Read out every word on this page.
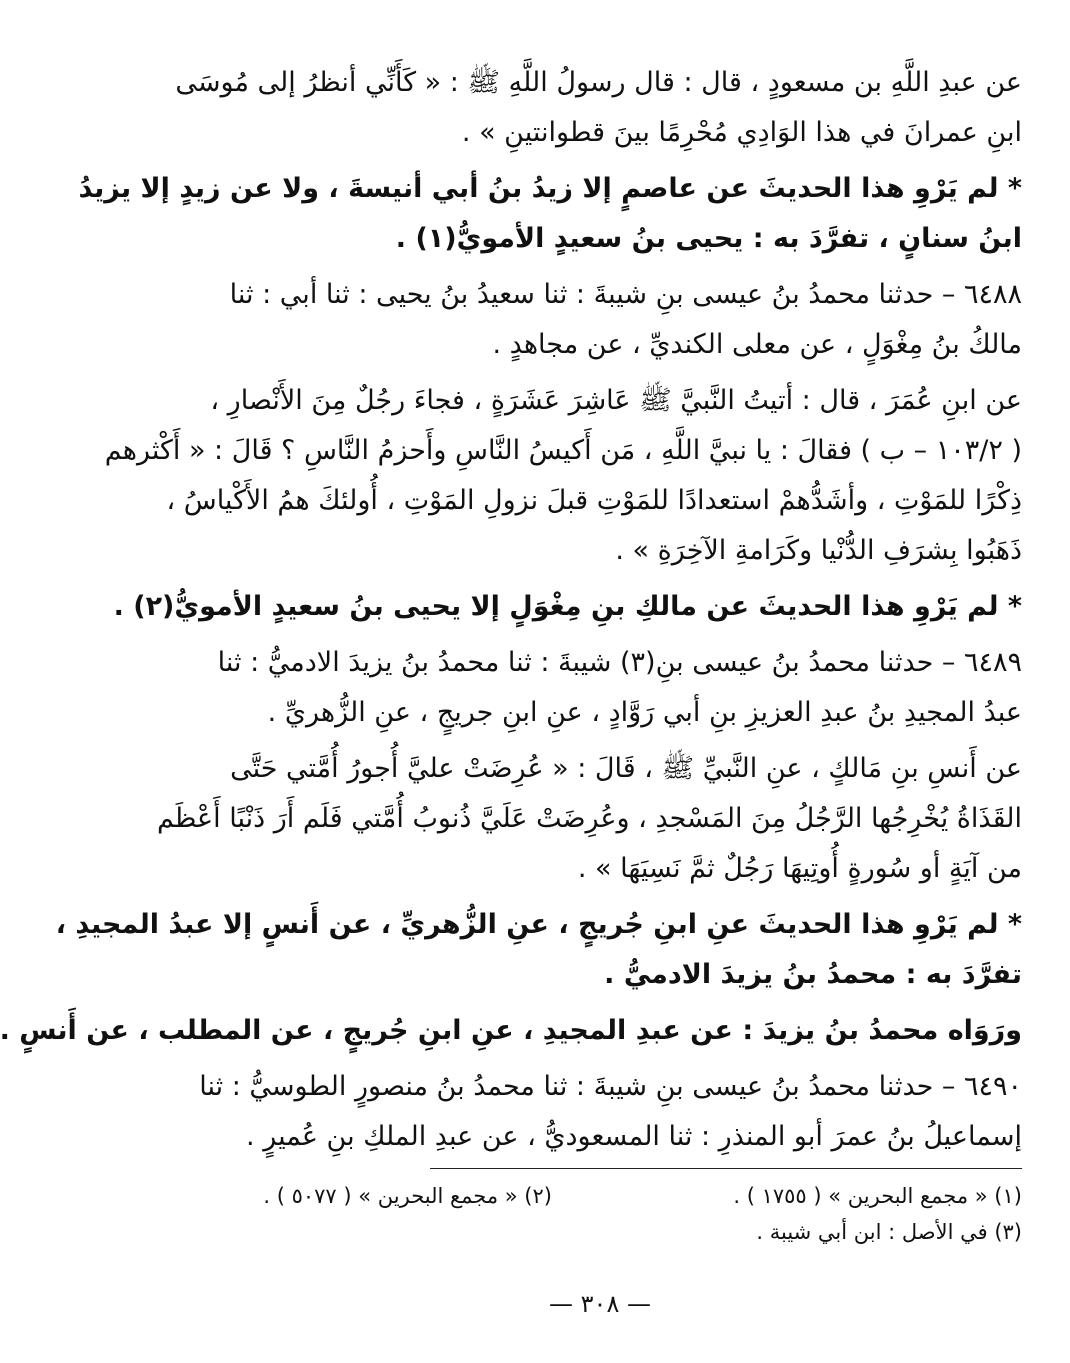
عن عبدِ اللَّهِ بن مسعودٍ ، قال : قال رسولُ اللَّهِ ﷺ : « كَأَنِّي أنظرُ إلى مُوسَى
ابنِ عمرانَ في هذا الوَادِي مُحْرِمًا بينَ قطوانتينِ » .

* لم يَرْوِ هذا الحديثَ عن عاصمٍ إلا زيدُ بنُ أبي أنيسةَ ، ولا عن زيدٍ إلا يزيدُ
ابنُ سنانٍ ، تفرَّدَ به : يحيى بنُ سعيدٍ الأمويُّ(١) .

٦٤٨٨ – حدثنا محمدُ بنُ عيسى بنِ شيبةَ : ثنا سعيدُ بنُ يحيى : ثنا أبي : ثنا
مالكُ بنُ مِغْوَلٍ ، عن معلى الكنديِّ ، عن مجاهدٍ .

عن ابنِ عُمَرَ ، قال : أتيتُ النَّبيَّ ﷺ عَاشِرَ عَشَرَةٍ ، فجاءَ رجُلٌ مِنَ الأَنْصارِ ،
( ١٠٣/٢ – ب ) فقالَ : يا نبيَّ اللَّهِ ، مَن أَكيسُ النَّاسِ وأَحزمُ النَّاسِ ؟ قَالَ : « أَكْثرهم
ذِكْرًا للمَوْتِ ، وأشَدُّهمْ استعدادًا للمَوْتِ قبلَ نزولِ المَوْتِ ، أُولئكَ همُ الأَكْياسُ ،
ذَهَبُوا بِشرَفِ الدُّنْيا وكَرَامةِ الآخِرَةِ » .

* لم يَرْوِ هذا الحديثَ عن مالكِ بنِ مِغْوَلٍ إلا يحيى بنُ سعيدٍ الأمويُّ(٢) .

٦٤٨٩ – حدثنا محمدُ بنُ عيسى بنِ(٣) شيبةَ : ثنا محمدُ بنُ يزيدَ الادميُّ : ثنا
عبدُ المجيدِ بنُ عبدِ العزيزِ بنِ أبي رَوَّادٍ ، عنِ ابنِ جريجٍ ، عنِ الزُّهريِّ .

عن أَنسِ بنِ مَالكٍ ، عنِ النَّبيِّ ﷺ ، قَالَ : « عُرِضَتْ عليَّ أُجورُ أُمَّتي حَتَّى
القَذَاةُ يُخْرِجُها الرَّجُلُ مِنَ المَسْجدِ ، وعُرِضَتْ عَلَيَّ ذُنوبُ أُمَّتي فَلَم أَرَ ذَنْبًا أَعْظَم
من آيَةٍ أو سُورةٍ أُوتِيهَا رَجُلٌ ثمَّ نَسِيَهَا » .

* لم يَرْوِ هذا الحديثَ عنِ ابنِ جُريجٍ ، عنِ الزُّهريِّ ، عن أَنسٍ إلا عبدُ المجيدِ ،
تفرَّدَ به : محمدُ بنُ يزيدَ الادميُّ .

ورَوَاه محمدُ بنُ يزيدَ : عن عبدِ المجيدِ ، عنِ ابنِ جُريجٍ ، عن المطلب ، عن أَنسٍ .

٦٤٩٠ – حدثنا محمدُ بنُ عيسى بنِ شيبةَ : ثنا محمدُ بنُ منصورٍ الطوسيُّ : ثنا
إسماعيلُ بنُ عمرَ أبو المنذرِ : ثنا المسعوديُّ ، عن عبدِ الملكِ بنِ عُميرٍ .

(١) « مجمع البحرين » ( ١٧٥٥ ) .
(٢) « مجمع البحرين » ( ٥٠٧٧ ) .
(٣) في الأصل : ابن أبي شيبة .
— ٣٠٨ —
